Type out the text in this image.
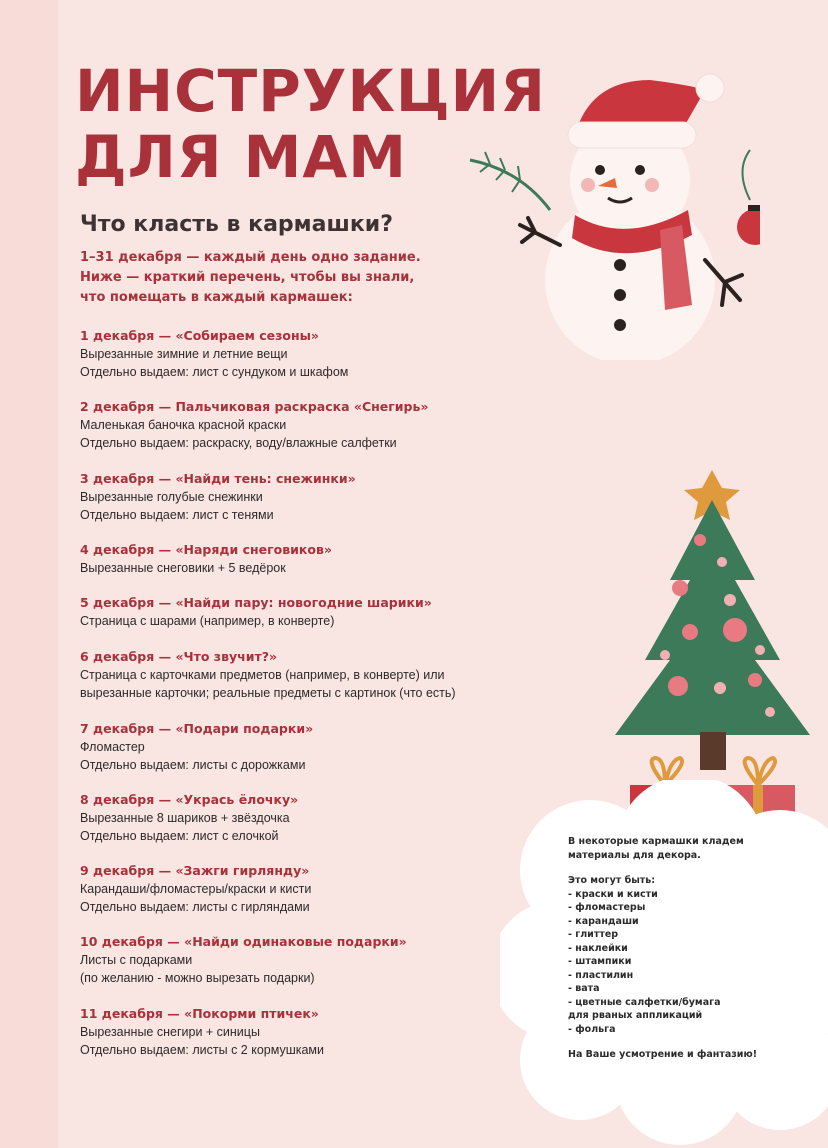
ИНСТРУКЦИЯ
ДЛЯ МАМ
Что класть в кармашки?

1–31 декабря — каждый день одно задание.
Ниже — краткий перечень, чтобы вы знали,
что помещать в каждый кармашек:

1 декабря — «Собираем сезоны»
Вырезанные зимние и летние вещи
Отдельно выдаем: лист с сундуком и шкафом
2 декабря — Пальчиковая раскраска «Снегирь»
Маленькая баночка красной краски
Отдельно выдаем: раскраску, воду/влажные салфетки
3 декабря — «Найди тень: снежинки»
Вырезанные голубые снежинки
Отдельно выдаем: лист с тенями
4 декабря — «Наряди снеговиков»
Вырезанные снеговики + 5 ведёрок
5 декабря — «Найди пару: новогодние шарики»
Страница с шарами (например, в конверте)
6 декабря — «Что звучит?»
Страница с карточками предметов (например, в конверте) или
вырезанные карточки; реальные предметы с картинок (что есть)
7 декабря — «Подари подарки»
Фломастер
Отдельно выдаем: листы с дорожками
8 декабря — «Укрась ёлочку»
Вырезанные 8 шариков + звёздочка
Отдельно выдаем: лист с елочкой
9 декабря — «Зажги гирлянду»
Карандаши/фломастеры/краски и кисти
Отдельно выдаем: листы с гирляндами
10 декабря — «Найди одинаковые подарки»
Листы с подарками
(по желанию - можно вырезать подарки)
11 декабря — «Покорми птичек»
Вырезанные снегири + синицы
Отдельно выдаем: листы с 2 кормушками
В некоторые кармашки кладем
материалы для декора.
Это могут быть:
- краски и кисти
- фломастеры
- карандаши
- глиттер
- наклейки
- штампики
- пластилин
- вата
- цветные салфетки/бумага
для рваных аппликаций
- фольга
На Ваше усмотрение и фантазию!
